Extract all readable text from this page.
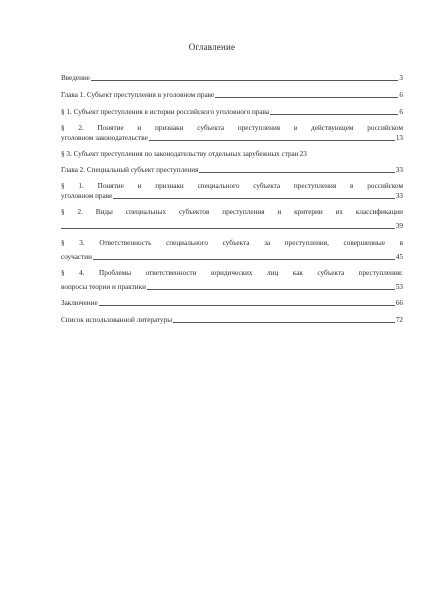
Оглавление
Введение	3
Глава 1. Субъект преступления в уголовном праве	6
§ 1. Субъект преступления в истории российского уголовного права	6
§ 2. Понятие и признаки субъекта преступления в действующем российском
уголовном законодательстве	13
§ 3. Субъект преступления по законодательству отдельных зарубежных стран 23
Глава 2. Специальный субъект преступления	33
§ 1. Понятие и признаки специального субъекта преступления в российском
уголовном праве	33
§ 2. Виды специальных субъектов преступления и критерии их классификации
39
§ 3. Ответственность специального субъекта за преступления, совершенные в
соучастии	45
§ 4. Проблемы ответственности юридических лиц как субъекта преступления:
вопросы теории и практики	53
Заключение	66
Список использованной литературы	72
